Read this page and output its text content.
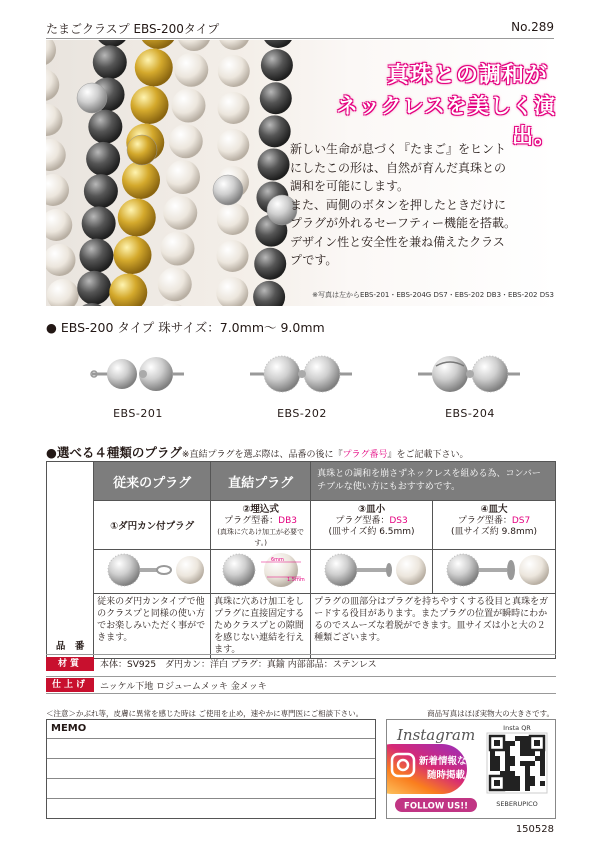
たまごクラスプ EBS-200タイプ	No.289
真珠との調和が
ネックレスを美しく演出。
新しい生命が息づく『たまご』をヒント
にしたこの形は、自然が育んだ真珠との
調和を可能にします。
また、両側のボタンを押したときだけに
プラグが外れるセーフティー機能を搭載。
デザイン性と安全性を兼ね備えたクラス
プです。
※写真は左からEBS-201・EBS-204G DS7・EBS-202 DB3・EBS-202 DS3
● EBS-200 タイプ 珠サイズ：7.0mm〜 9.0mm
EBS-201	EBS-202	EBS-204
●選べる４種類のプラグ※直結プラグを選ぶ際は、品番の後に『プラグ番号』をご記載下さい。
品　番	従来のプラグ	直結プラグ	真珠との調和を崩さずネックレスを組める為、コンバーチブルな使い方にもおすすめです。	
	①ダ円カン付プラグ	②埋込式
プラグ型番：DB3
(真珠に穴あけ加工が必要です。)	③皿小
プラグ型番：DS3
(皿サイズ約 6.5mm)	④皿大
プラグ型番：DS7
(皿サイズ約 9.8mm)

6mm
1.5mm

	従来のダ円カンタイプで他のクラスプと同様の使い方でお楽しみいただく事ができます。	真珠に穴あけ加工をしプラグに直接固定するためクラスプとの隙間を感じない連結を行えます。	プラグの皿部分はプラグを持ちやすくする役目と真珠をガードする役目があります。またプラグの位置が瞬時にわかるのでスムーズな着脱ができます。皿サイズは小と大の２種類ございます。	
材質	本体：SV925　ダ円カン：洋白 プラグ：真鍮 内部部品：ステンレス
仕上げ	ニッケル下地 ロジュームメッキ 金メッキ
＜注意＞かぶれ等，皮膚に異常を感じた時は ご使用を止め，速やかに専門医にご相談下さい。	商品写真はほぼ実物大の大きさです。
MEMO	Instagram
新着情報など
随時掲載
FOLLOW US!!
Insta QR
SEBERUPICO
150528
